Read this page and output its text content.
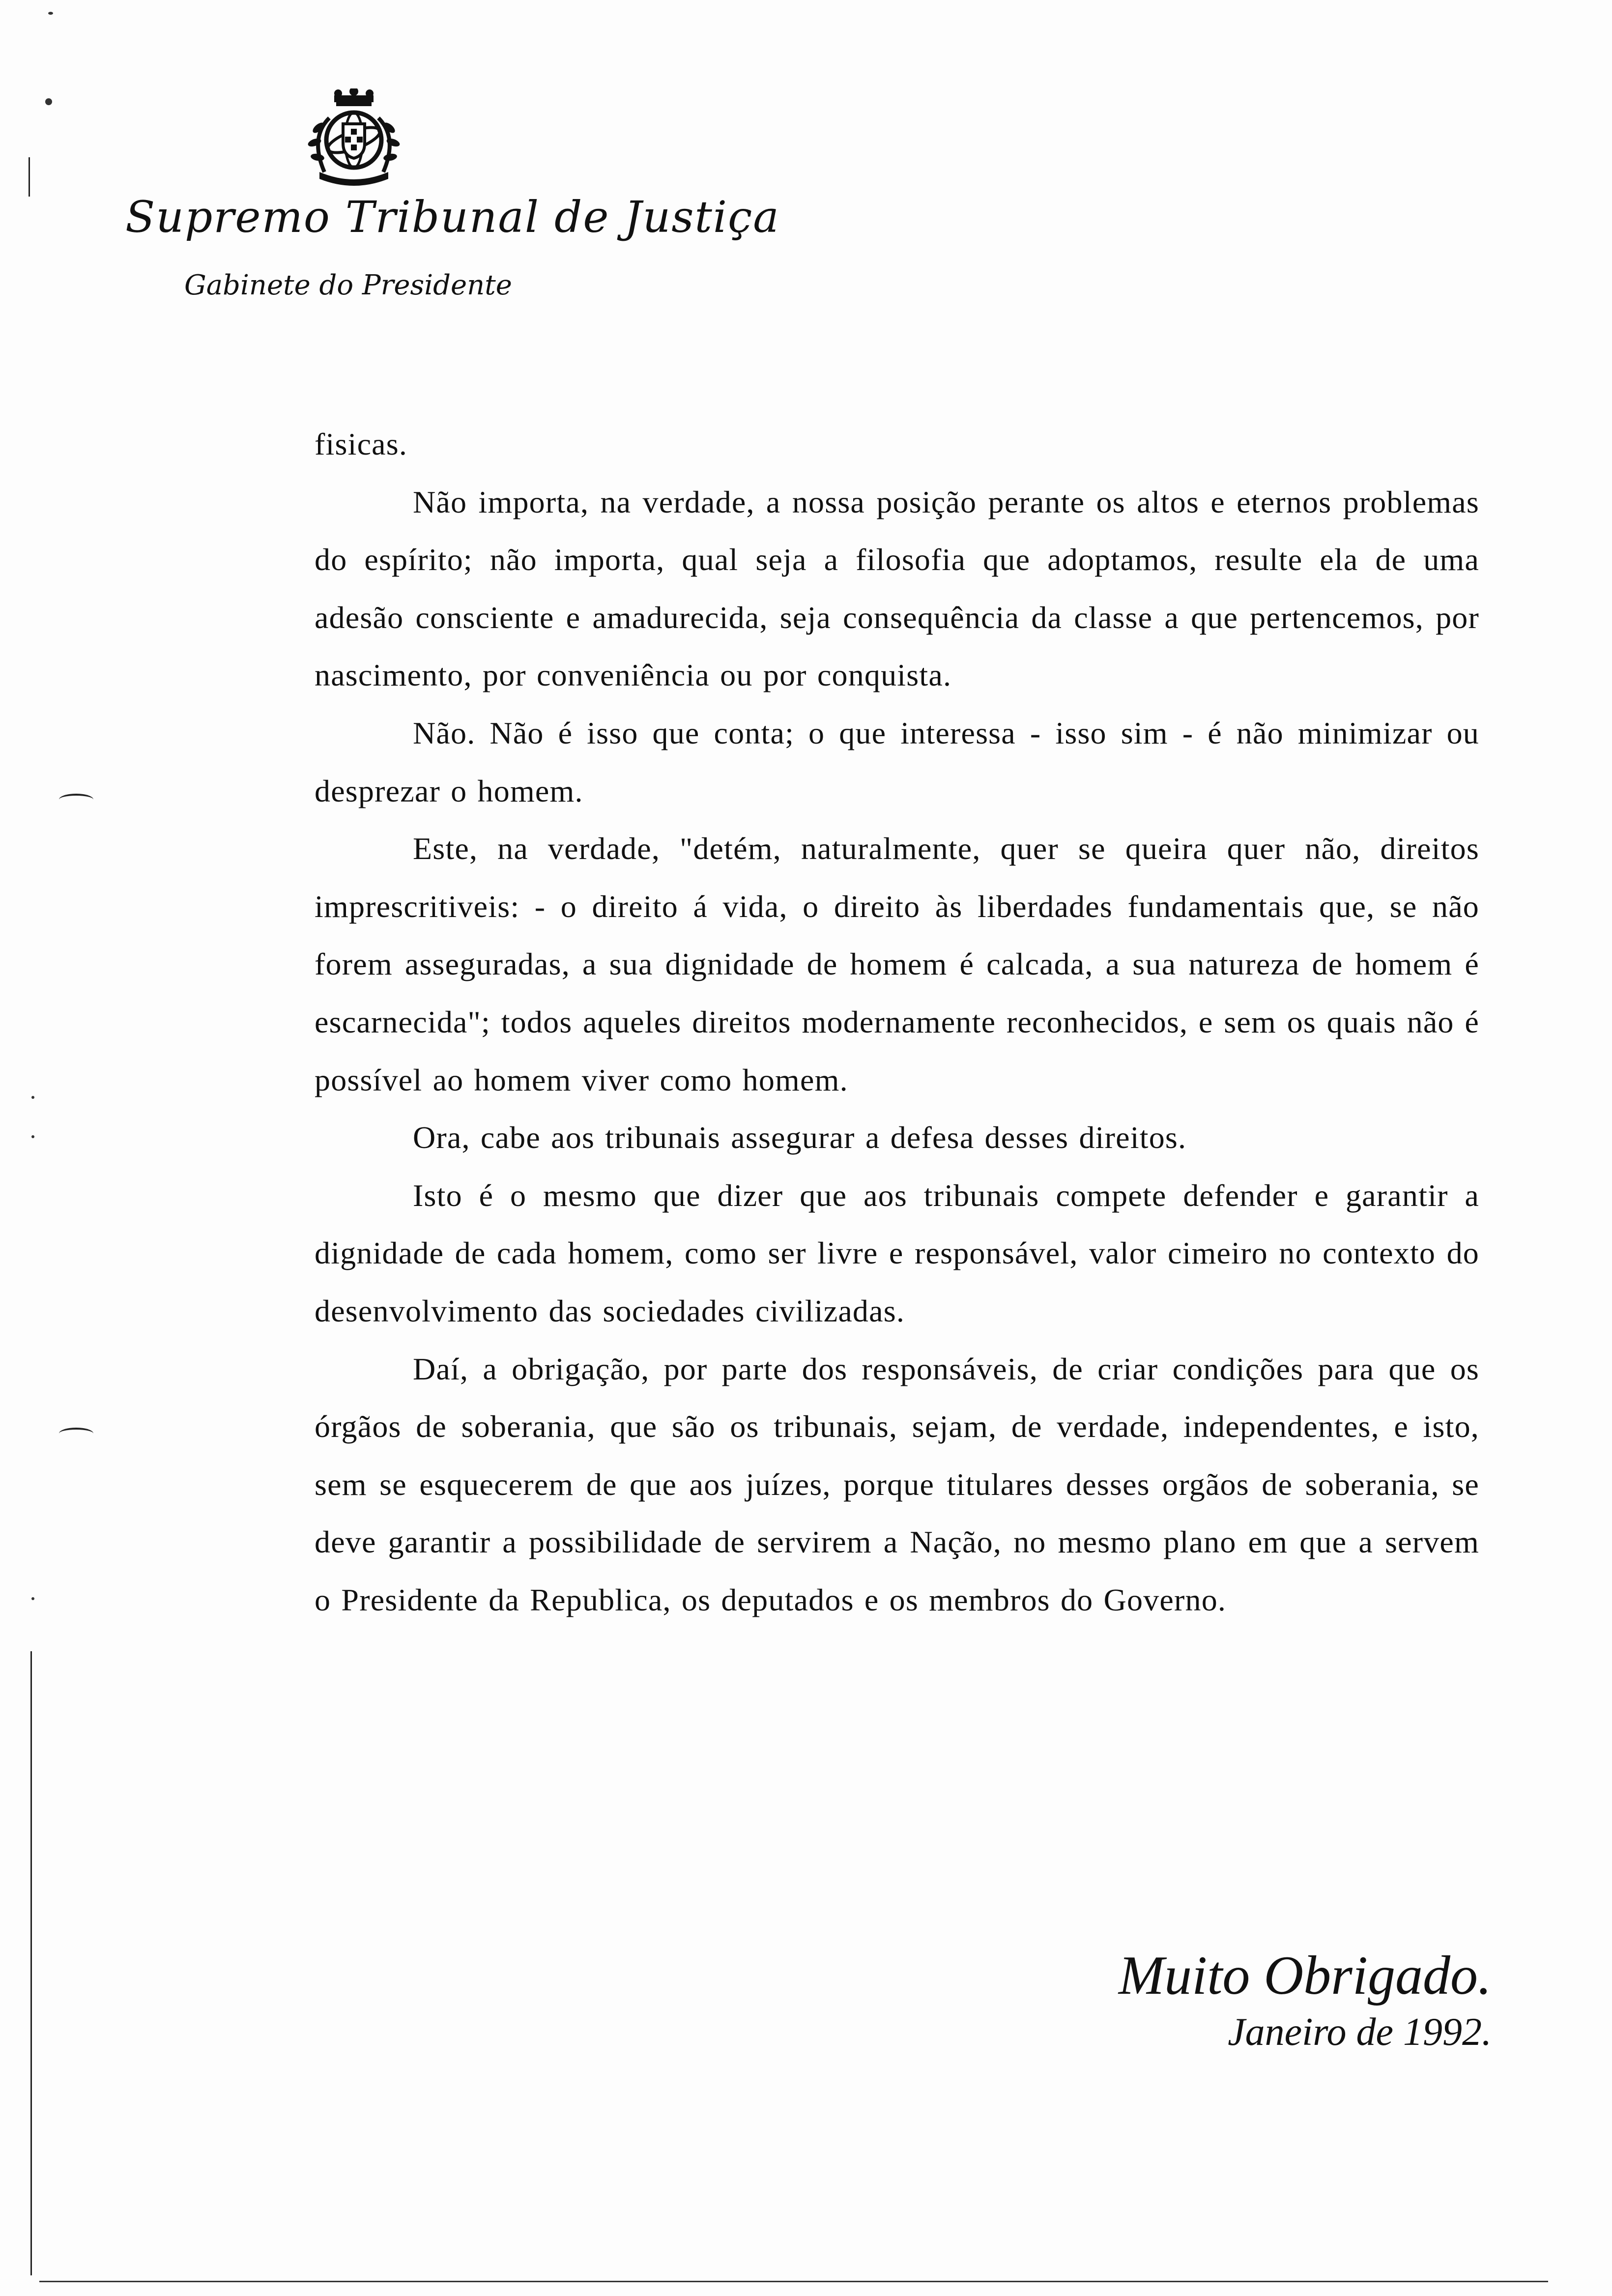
Supremo Tribunal de Justiça
Gabinete do Presidente

fisicas.

Não importa, na verdade, a nossa posição perante os altos e eternos problemas do espírito; não importa, qual seja a filosofia que adoptamos, resulte ela de uma adesão consciente e amadurecida, seja consequência da classe a que pertencemos, por nascimento, por conveniência ou por conquista.

Não. Não é isso que conta; o que interessa - isso sim - é não minimizar ou desprezar o homem.

Este, na verdade, "detém, naturalmente, quer se queira quer não, direitos imprescritiveis: - o direito á vida, o direito às liberdades fundamentais que, se não forem asseguradas, a sua dignidade de homem é calcada, a sua natureza de homem é escarnecida"; todos aqueles direitos modernamente reconhecidos, e sem os quais não é possível ao homem viver como homem.

Ora, cabe aos tribunais assegurar a defesa desses direitos.

Isto é o mesmo que dizer que aos tribunais compete defender e garantir a dignidade de cada homem, como ser livre e responsável, valor cimeiro no contexto do desenvolvimento das sociedades civilizadas.

Daí, a obrigação, por parte dos responsáveis, de criar condições para que os órgãos de soberania, que são os tribunais, sejam, de verdade, independentes, e isto, sem se esquecerem de que aos juízes, porque titulares desses orgãos de soberania, se deve garantir a possibilidade de servirem a Nação, no mesmo plano em que a servem o Presidente da Republica, os deputados e os membros do Governo.

Muito Obrigado.
Janeiro de 1992.
